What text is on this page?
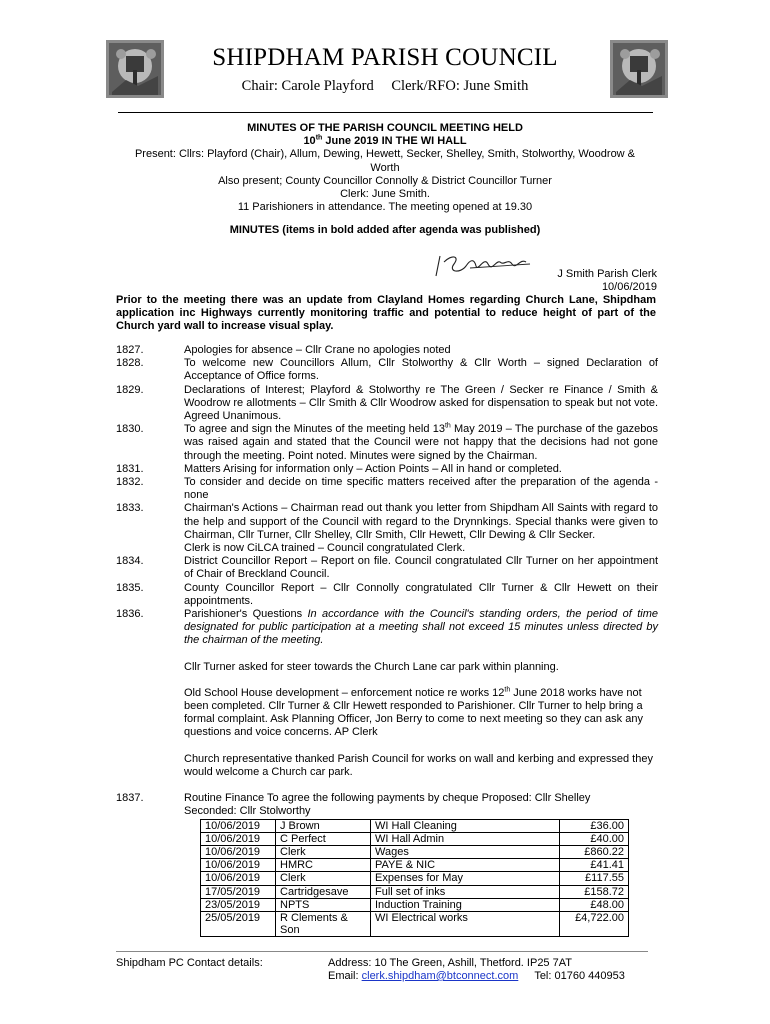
SHIPDHAM PARISH COUNCIL
Chair: Carole Playford Clerk/RFO: June Smith
MINUTES OF THE PARISH COUNCIL MEETING HELD
10th June 2019 IN THE WI HALL
Present: Cllrs: Playford (Chair), Allum, Dewing, Hewett, Secker, Shelley, Smith, Stolworthy, Woodrow &
Worth
Also present; County Councillor Connolly & District Councillor Turner
Clerk: June Smith.
11 Parishioners in attendance. The meeting opened at 19.30
MINUTES (items in bold added after agenda was published)
J Smith Parish Clerk
10/06/2019
Prior to the meeting there was an update from Clayland Homes regarding Church Lane, Shipdham application inc Highways currently monitoring traffic and potential to reduce height of part of the Church yard wall to increase visual splay.
1827.	Apologies for absence – Cllr Crane no apologies noted
1828.	To welcome new Councillors Allum, Cllr Stolworthy & Cllr Worth – signed Declaration of Acceptance of Office forms.
1829.	Declarations of Interest; Playford & Stolworthy re The Green / Secker re Finance / Smith & Woodrow re allotments – Cllr Smith & Cllr Woodrow asked for dispensation to speak but not vote. Agreed Unanimous.
1830.	To agree and sign the Minutes of the meeting held 13th May 2019 – The purchase of the gazebos was raised again and stated that the Council were not happy that the decisions had not gone through the meeting. Point noted. Minutes were signed by the Chairman.
1831.	Matters Arising for information only – Action Points – All in hand or completed.
1832.	To consider and decide on time specific matters received after the preparation of the agenda - none
1833.	Chairman's Actions – Chairman read out thank you letter from Shipdham All Saints with regard to the help and support of the Council with regard to the Drynnkings. Special thanks were given to Chairman, Cllr Turner, Cllr Shelley, Cllr Smith, Cllr Hewett, Cllr Dewing & Cllr Secker.
Clerk is now CiLCA trained – Council congratulated Clerk.
1834.	District Councillor Report – Report on file. Council congratulated Cllr Turner on her appointment of Chair of Breckland Council.
1835.	County Councillor Report – Cllr Connolly congratulated Cllr Turner & Cllr Hewett on their appointments.
1836.	Parishioner's Questions In accordance with the Council's standing orders, the period of time designated for public participation at a meeting shall not exceed 15 minutes unless directed by the chairman of the meeting.
Cllr Turner asked for steer towards the Church Lane car park within planning.
Old School House development – enforcement notice re works 12th June 2018 works have not been completed. Cllr Turner & Cllr Hewett responded to Parishioner. Cllr Turner to help bring a formal complaint. Ask Planning Officer, Jon Berry to come to next meeting so they can ask any questions and voice concerns. AP Clerk
Church representative thanked Parish Council for works on wall and kerbing and expressed they would welcome a Church car park.
1837.	Routine Finance To agree the following payments by cheque Proposed: Cllr Shelley
Seconded: Cllr Stolworthy
10/06/2019	J Brown	WI Hall Cleaning	£36.00
10/06/2019	C Perfect	WI Hall Admin	£40.00
10/06/2019	Clerk	Wages	£860.22
10/06/2019	HMRC	PAYE & NIC	£41.41
10/06/2019	Clerk	Expenses for May	£117.55
17/05/2019	Cartridgesave	Full set of inks	£158.72
23/05/2019	NPTS	Induction Training	£48.00
25/05/2019	R Clements & Son	WI Electrical works	£4,722.00
Shipdham PC Contact details:	Address: 10 The Green, Ashill, Thetford. IP25 7AT
Email: clerk.shipdham@btconnect.com Tel: 01760 440953
